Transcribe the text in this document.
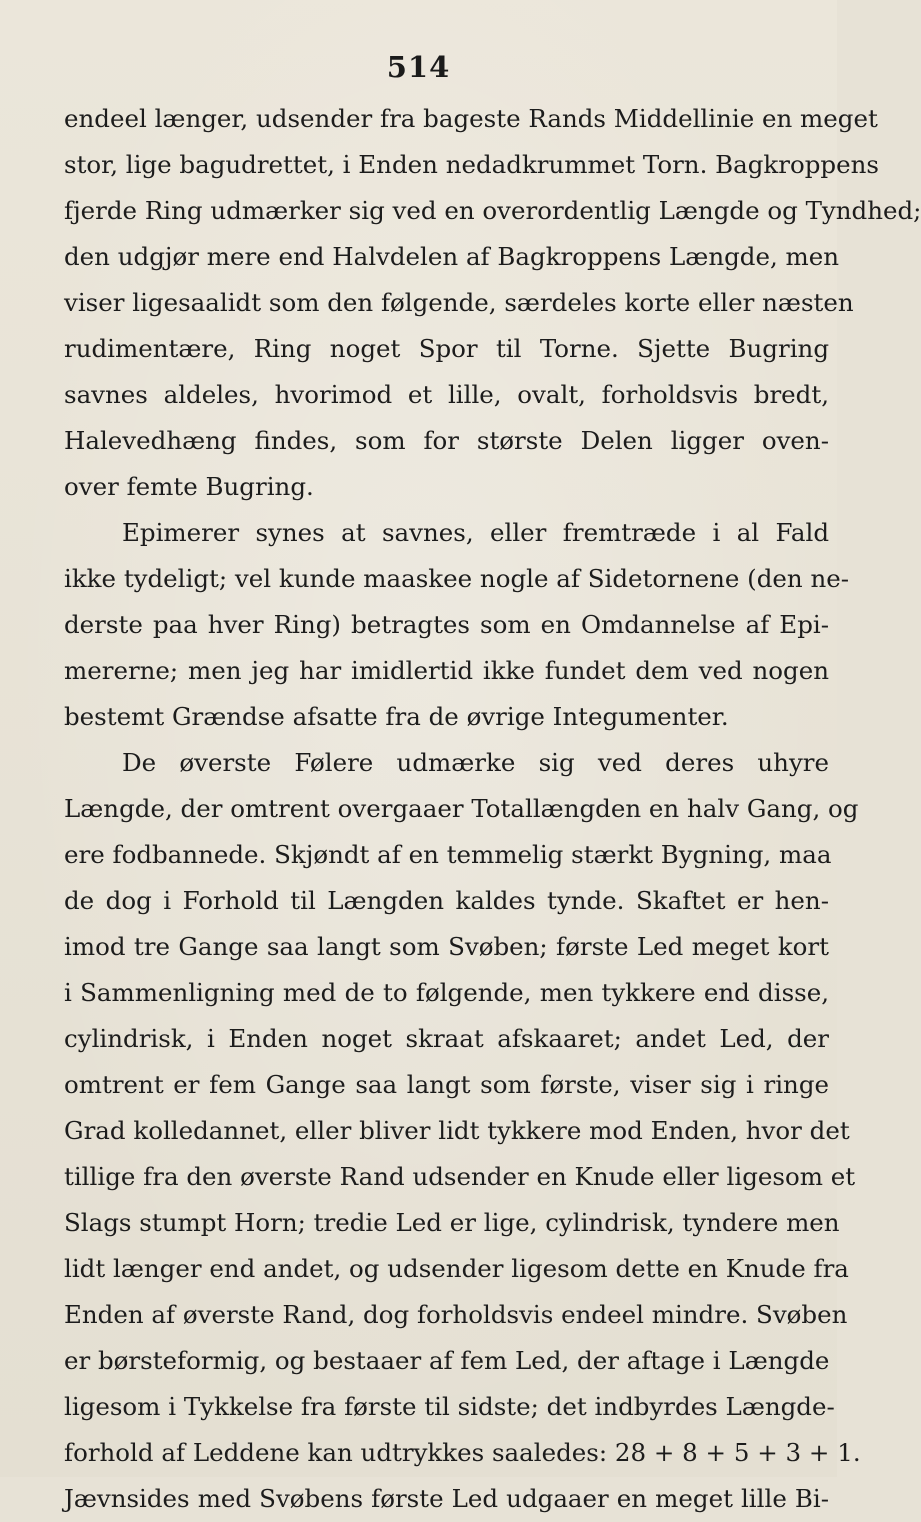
514
endeel længer, udsender fra bageste Rands Middellinie en meget
stor, lige bagudrettet, i Enden nedadkrummet Torn. Bagkroppens
fjerde Ring udmærker sig ved en overordentlig Længde og Tyndhed;
den udgjør mere end Halvdelen af Bagkroppens Længde, men
viser ligesaalidt som den følgende, særdeles korte eller næsten
rudimentære, Ring noget Spor til Torne. Sjette Bugring
savnes aldeles, hvorimod et lille, ovalt, forholdsvis bredt,
Halevedhæng findes, som for største Delen ligger oven-
over femte Bugring.
Epimerer synes at savnes, eller fremtræde i al Fald
ikke tydeligt; vel kunde maaskee nogle af Sidetornene (den ne-
derste paa hver Ring) betragtes som en Omdannelse af Epi-
mererne; men jeg har imidlertid ikke fundet dem ved nogen
bestemt Grændse afsatte fra de øvrige Integumenter.
De øverste Følere udmærke sig ved deres uhyre
Længde, der omtrent overgaaer Totallængden en halv Gang, og
ere fodbannede. Skjøndt af en temmelig stærkt Bygning, maa
de dog i Forhold til Længden kaldes tynde. Skaftet er hen-
imod tre Gange saa langt som Svøben; første Led meget kort
i Sammenligning med de to følgende, men tykkere end disse,
cylindrisk, i Enden noget skraat afskaaret; andet Led, der
omtrent er fem Gange saa langt som første, viser sig i ringe
Grad kolledannet, eller bliver lidt tykkere mod Enden, hvor det
tillige fra den øverste Rand udsender en Knude eller ligesom et
Slags stumpt Horn; tredie Led er lige, cylindrisk, tyndere men
lidt længer end andet, og udsender ligesom dette en Knude fra
Enden af øverste Rand, dog forholdsvis endeel mindre. Svøben
er børsteformig, og bestaaer af fem Led, der aftage i Længde
ligesom i Tykkelse fra første til sidste; det indbyrdes Længde-
forhold af Leddene kan udtrykkes saaledes: 28 + 8 + 5 + 3 + 1.
Jævnsides med Svøbens første Led udgaaer en meget lille Bi-
